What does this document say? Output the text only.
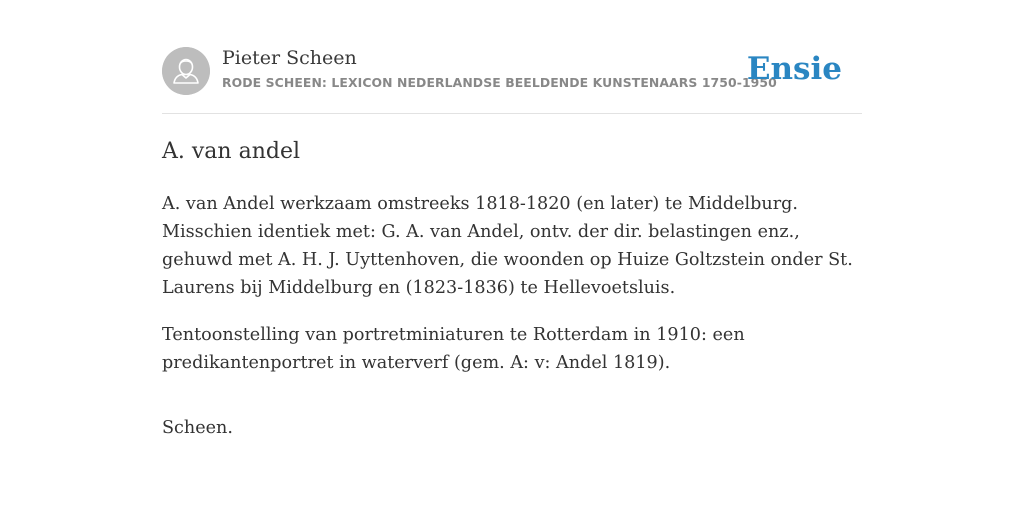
Pieter Scheen
RODE SCHEEN: LEXICON NEDERLANDSE BEELDENDE KUNSTENAARS 1750-1950
Ensie
A. van andel

A. van Andel werkzaam omstreeks 1818-1820 (en later) te Middelburg. Misschien identiek met: G. A. van Andel, ontv. der dir. belastingen enz., gehuwd met A. H. J. Uyttenhoven, die woonden op Huize Goltzstein onder St. Laurens bij Middelburg en (1823-1836) te Hellevoetsluis.

Tentoonstelling van portretminiaturen te Rotterdam in 1910: een predikantenportret in waterverf (gem. A: v: Andel 1819).

Scheen.
